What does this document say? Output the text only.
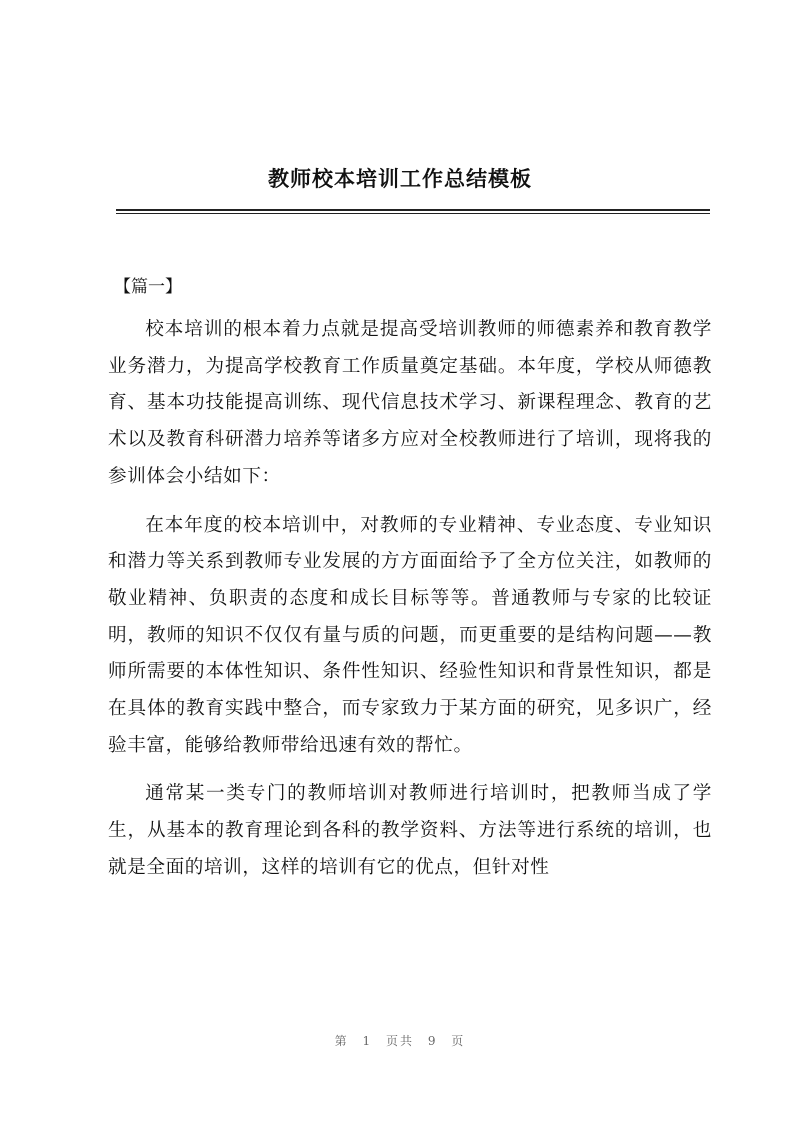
教师校本培训工作总结模板
【篇一】

校本培训的根本着力点就是提高受培训教师的师德素养和教育教学业务潜力，为提高学校教育工作质量奠定基础。本年度，学校从师德教育、基本功技能提高训练、现代信息技术学习、新课程理念、教育的艺术以及教育科研潜力培养等诸多方应对全校教师进行了培训，现将我的参训体会小结如下：

在本年度的校本培训中，对教师的专业精神、专业态度、专业知识和潜力等关系到教师专业发展的方方面面给予了全方位关注，如教师的敬业精神、负职责的态度和成长目标等等。普通教师与专家的比较证明，教师的知识不仅仅有量与质的问题，而更重要的是结构问题——教师所需要的本体性知识、条件性知识、经验性知识和背景性知识，都是在具体的教育实践中整合，而专家致力于某方面的研究，见多识广，经验丰富，能够给教师带给迅速有效的帮忙。

通常某一类专门的教师培训对教师进行培训时，把教师当成了学生，从基本的教育理论到各科的教学资料、方法等进行系统的培训，也就是全面的培训，这样的培训有它的优点，但针对性

第 1 页共 9 页
